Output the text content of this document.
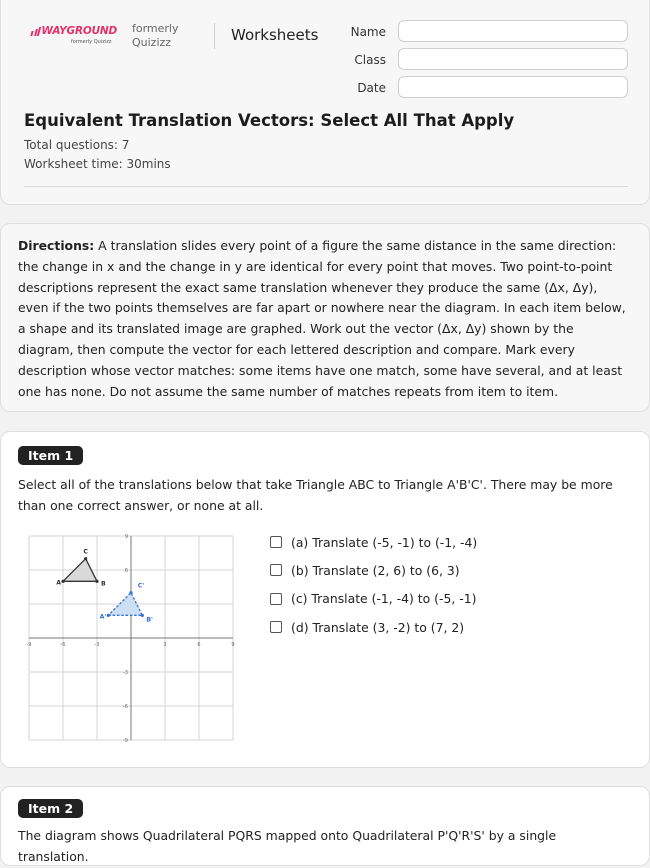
WAYGROUND
formerly Quizizz
formerly
Quizizz	Worksheets	Name
Class
Date
Equivalent Translation Vectors: Select All That Apply
Total questions: 7
Worksheet time: 30mins
Directions: A translation slides every point of a figure the same distance in the same direction: the change in x and the change in y are identical for every point that moves. Two point-to-point descriptions represent the exact same translation whenever they produce the same (Δx, Δy), even if the two points themselves are far apart or nowhere near the diagram. In each item below, a shape and its translated image are graphed. Work out the vector (Δx, Δy) shown by the diagram, then compute the vector for each lettered description and compare. Mark every description whose vector matches: some items have one match, some have several, and at least one has none. Do not assume the same number of matches repeats from item to item.
Item 1
Select all of the translations below that take Triangle ABC to Triangle A'B'C'. There may be more than one correct answer, or none at all.
-9	-6	-3	3	6	9
9
6
-3
-6
-9
A	B
C
A'	B'
C'
(a) Translate (-5, -1) to (-1, -4)
(b) Translate (2, 6) to (6, 3)
(c) Translate (-1, -4) to (-5, -1)
(d) Translate (3, -2) to (7, 2)
Item 2
The diagram shows Quadrilateral PQRS mapped onto Quadrilateral P'Q'R'S' by a single translation.
